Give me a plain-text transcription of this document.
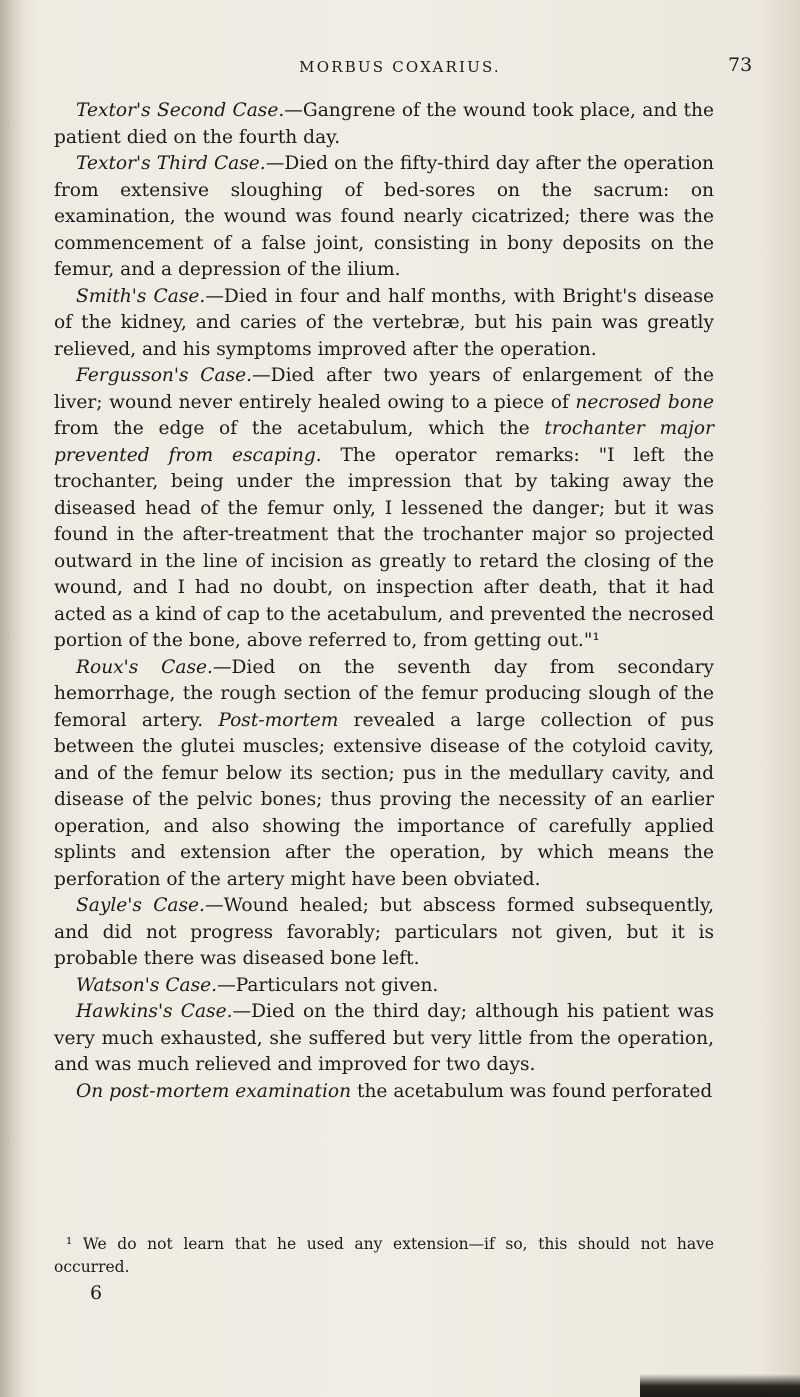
MORBUS COXARIUS.	73

Textor's Second Case.—Gangrene of the wound took place, and the patient died on the fourth day.

Textor's Third Case.—Died on the fifty-third day after the operation from extensive sloughing of bed-sores on the sacrum: on examination, the wound was found nearly cicatrized; there was the commencement of a false joint, consisting in bony deposits on the femur, and a depression of the ilium.

Smith's Case.—Died in four and half months, with Bright's disease of the kidney, and caries of the vertebræ, but his pain was greatly relieved, and his symptoms improved after the operation.

Fergusson's Case.—Died after two years of enlargement of the liver; wound never entirely healed owing to a piece of necrosed bone from the edge of the acetabulum, which the trochanter major prevented from escaping. The operator remarks: "I left the trochanter, being under the impression that by taking away the diseased head of the femur only, I lessened the danger; but it was found in the after-treatment that the trochanter major so projected outward in the line of incision as greatly to retard the closing of the wound, and I had no doubt, on inspection after death, that it had acted as a kind of cap to the acetabulum, and prevented the necrosed portion of the bone, above referred to, from getting out."¹

Roux's Case.—Died on the seventh day from secondary hemorrhage, the rough section of the femur producing slough of the femoral artery. Post-mortem revealed a large collection of pus between the glutei muscles; extensive disease of the cotyloid cavity, and of the femur below its section; pus in the medullary cavity, and disease of the pelvic bones; thus proving the necessity of an earlier operation, and also showing the importance of carefully applied splints and extension after the operation, by which means the perforation of the artery might have been obviated.

Sayle's Case.—Wound healed; but abscess formed subsequently, and did not progress favorably; particulars not given, but it is probable there was diseased bone left.

Watson's Case.—Particulars not given.

Hawkins's Case.—Died on the third day; although his patient was very much exhausted, she suffered but very little from the operation, and was much relieved and improved for two days.

On post-mortem examination the acetabulum was found perforated

¹ We do not learn that he used any extension—if so, this should not have occurred.

6
